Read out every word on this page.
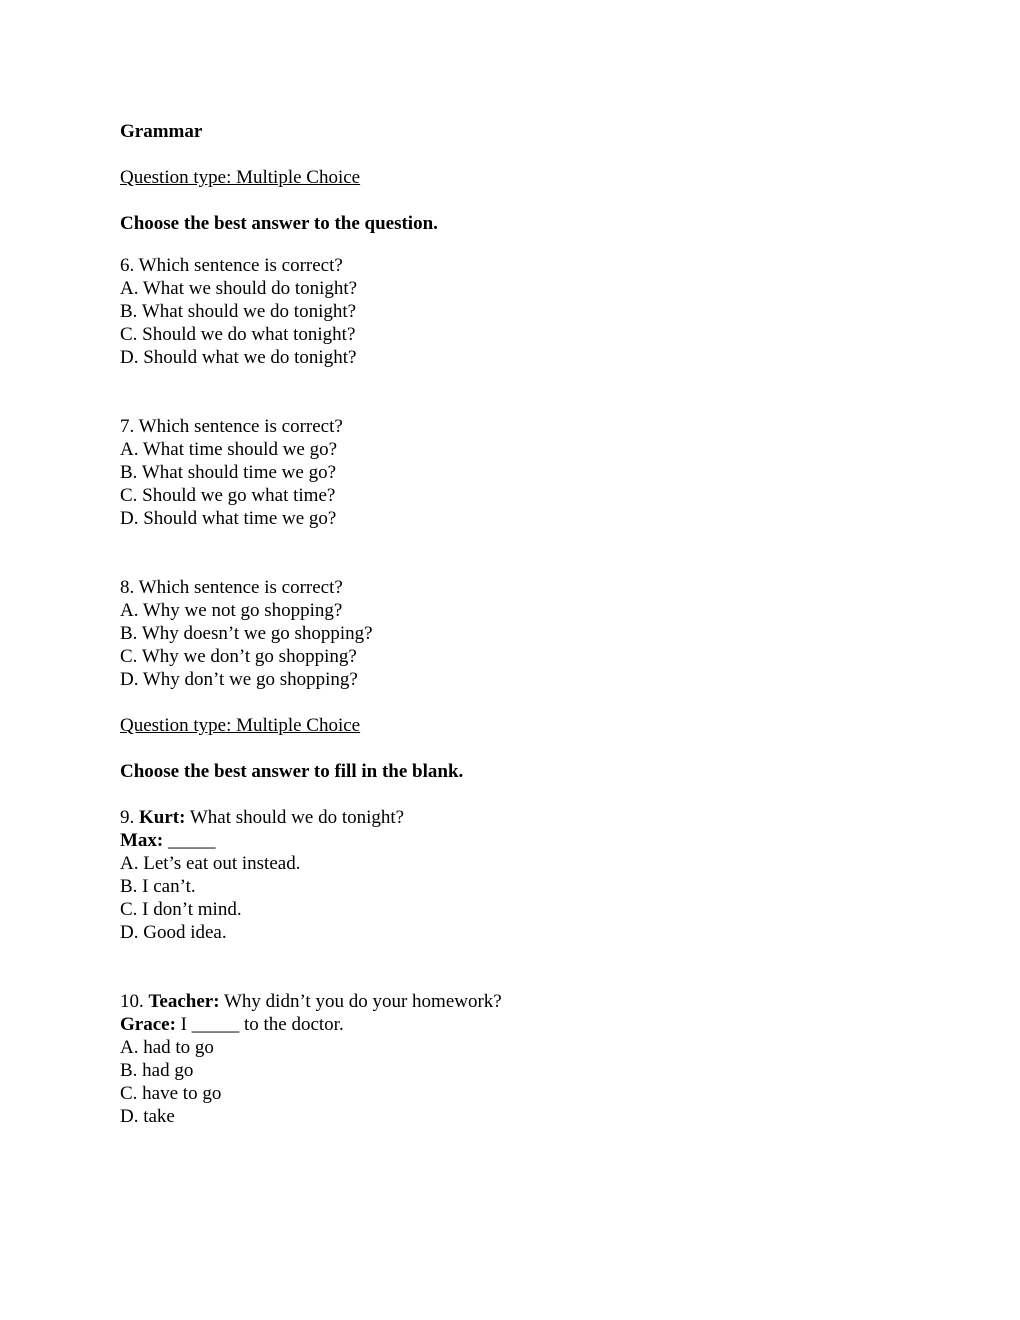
Grammar
Question type: Multiple Choice
Choose the best answer to the question.
6. Which sentence is correct?
A. What we should do tonight?
B. What should we do tonight?
C. Should we do what tonight?
D. Should what we do tonight?
7. Which sentence is correct?
A. What time should we go?
B. What should time we go?
C. Should we go what time?
D. Should what time we go?
8. Which sentence is correct?
A. Why we not go shopping?
B. Why doesn’t we go shopping?
C. Why we don’t go shopping?
D. Why don’t we go shopping?
Question type: Multiple Choice
Choose the best answer to fill in the blank.
9. Kurt: What should we do tonight?
Max: _____
A. Let’s eat out instead.
B. I can’t.
C. I don’t mind.
D. Good idea.
10. Teacher: Why didn’t you do your homework?
Grace: I _____ to the doctor.
A. had to go
B. had go
C. have to go
D. take
